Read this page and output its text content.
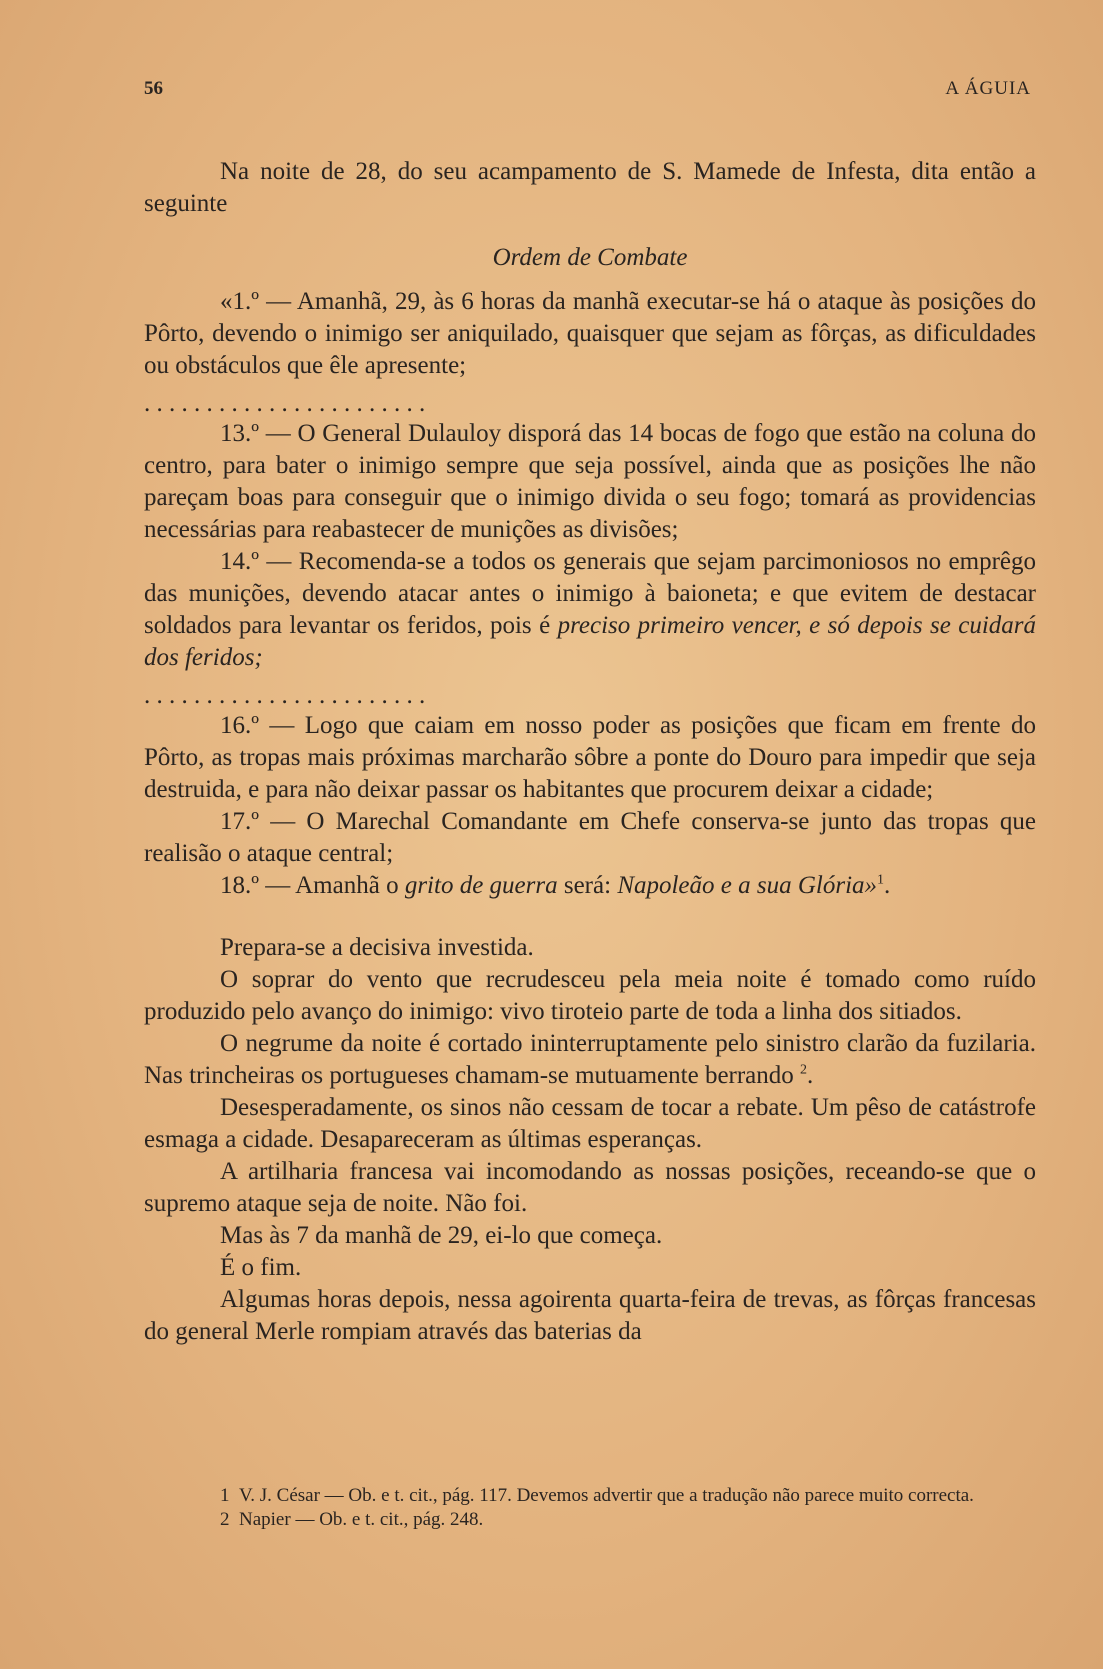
56	A ÁGUIA

Na noite de 28, do seu acampamento de S. Mamede de Infesta, dita então a seguinte

Ordem de Combate

«1.º — Amanhã, 29, às 6 horas da manhã executar-se há o ataque às posições do Pôrto, devendo o inimigo ser aniquilado, quaisquer que sejam as fôrças, as dificuldades ou obstáculos que êle apresente;

. . . . . . . . . . . . . . . . . . . . . . .

13.º — O General Dulauloy disporá das 14 bocas de fogo que estão na coluna do centro, para bater o inimigo sempre que seja possível, ainda que as posições lhe não pareçam boas para conseguir que o inimigo divida o seu fogo; tomará as providencias necessárias para reabastecer de munições as divisões;

14.º — Recomenda-se a todos os generais que sejam parcimoniosos no emprêgo das munições, devendo atacar antes o inimigo à baioneta; e que evitem de destacar soldados para levantar os feridos, pois é preciso primeiro vencer, e só depois se cuidará dos feridos;

. . . . . . . . . . . . . . . . . . . . . . .

16.º — Logo que caiam em nosso poder as posições que ficam em frente do Pôrto, as tropas mais próximas marcharão sôbre a ponte do Douro para impedir que seja destruida, e para não deixar passar os habitantes que procurem deixar a cidade;

17.º — O Marechal Comandante em Chefe conserva-se junto das tropas que realisão o ataque central;

18.º — Amanhã o grito de guerra será: Napoleão e a sua Glória»$^1$.

Prepara-se a decisiva investida.

O soprar do vento que recrudesceu pela meia noite é tomado como ruído produzido pelo avanço do inimigo: vivo tiroteio parte de toda a linha dos sitiados.

O negrume da noite é cortado ininterruptamente pelo sinistro clarão da fuzilaria. Nas trincheiras os portugueses chamam-se mutuamente berrando $^2$.

Desesperadamente, os sinos não cessam de tocar a rebate. Um pêso de catástrofe esmaga a cidade. Desapareceram as últimas esperanças.

A artilharia francesa vai incomodando as nossas posições, receando-se que o supremo ataque seja de noite. Não foi.

Mas às 7 da manhã de 29, ei-lo que começa.

É o fim.

Algumas horas depois, nessa agoirenta quarta-feira de trevas, as fôrças francesas do general Merle rompiam através das baterias da

1 V. J. César — Ob. e t. cit., pág. 117. Devemos advertir que a tradução não parece muito correcta.

2 Napier — Ob. e t. cit., pág. 248.
